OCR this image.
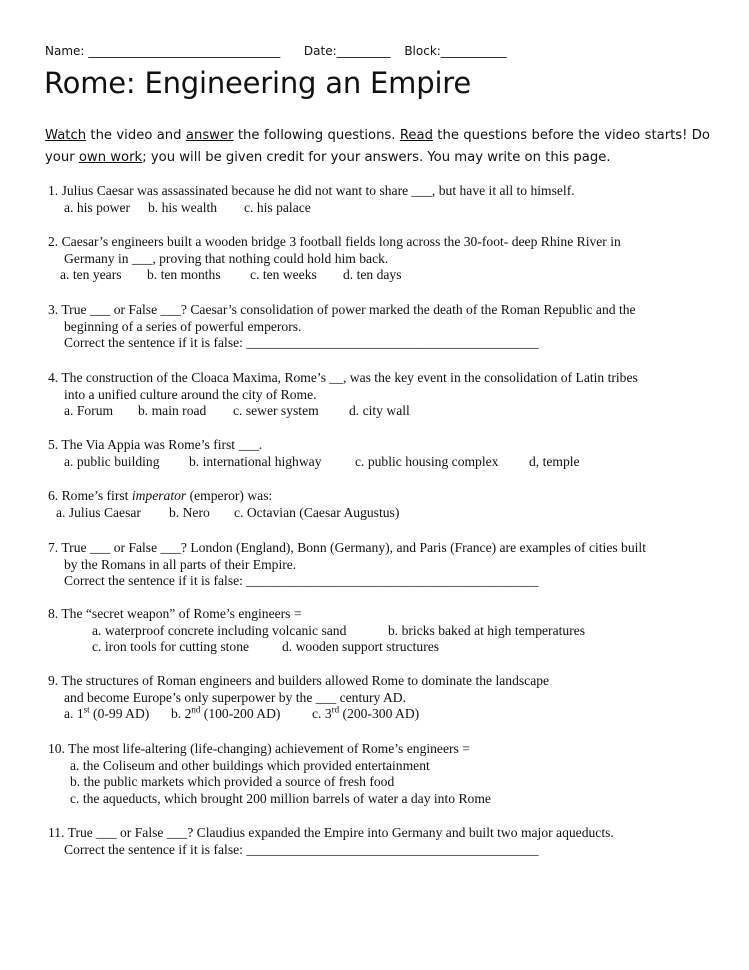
Name: ________________________________ Date:_________ Block:___________
Rome: Engineering an Empire
Watch the video and answer the following questions. Read the questions before the video starts! Do your own work; you will be given credit for your answers. You may write on this page.
1. Julius Caesar was assassinated because he did not want to share ___, but have it all to himself.
a. his power b. his wealth c. his palace
2. Caesar’s engineers built a wooden bridge 3 football fields long across the 30-foot- deep Rhine River in
Germany in ___, proving that nothing could hold him back.
a. ten years b. ten months c. ten weeks d. ten days
3. True ___ or False ___? Caesar’s consolidation of power marked the death of the Roman Republic and the
beginning of a series of powerful emperors.
Correct the sentence if it is false: ___________________________________________
4. The construction of the Cloaca Maxima, Rome’s __, was the key event in the consolidation of Latin tribes
into a unified culture around the city of Rome.
a. Forum b. main road c. sewer system d. city wall
5. The Via Appia was Rome’s first ___.
a. public building b. international highway c. public housing complex d, temple
6. Rome’s first imperator (emperor) was:
a. Julius Caesar b. Nero c. Octavian (Caesar Augustus)
7. True ___ or False ___? London (England), Bonn (Germany), and Paris (France) are examples of cities built
by the Romans in all parts of their Empire.
Correct the sentence if it is false: ___________________________________________
8. The “secret weapon” of Rome’s engineers =
a. waterproof concrete including volcanic sand	b. bricks baked at high temperatures
c. iron tools for cutting stone d. wooden support structures
9. The structures of Roman engineers and builders allowed Rome to dominate the landscape
and become Europe’s only superpower by the ___ century AD.
a. 1st (0-99 AD) b. 2nd (100-200 AD) c. 3rd (200-300 AD)
10. The most life-altering (life-changing) achievement of Rome’s engineers =
a. the Coliseum and other buildings which provided entertainment
b. the public markets which provided a source of fresh food
c. the aqueducts, which brought 200 million barrels of water a day into Rome
11. True ___ or False ___? Claudius expanded the Empire into Germany and built two major aqueducts.
Correct the sentence if it is false: ___________________________________________
